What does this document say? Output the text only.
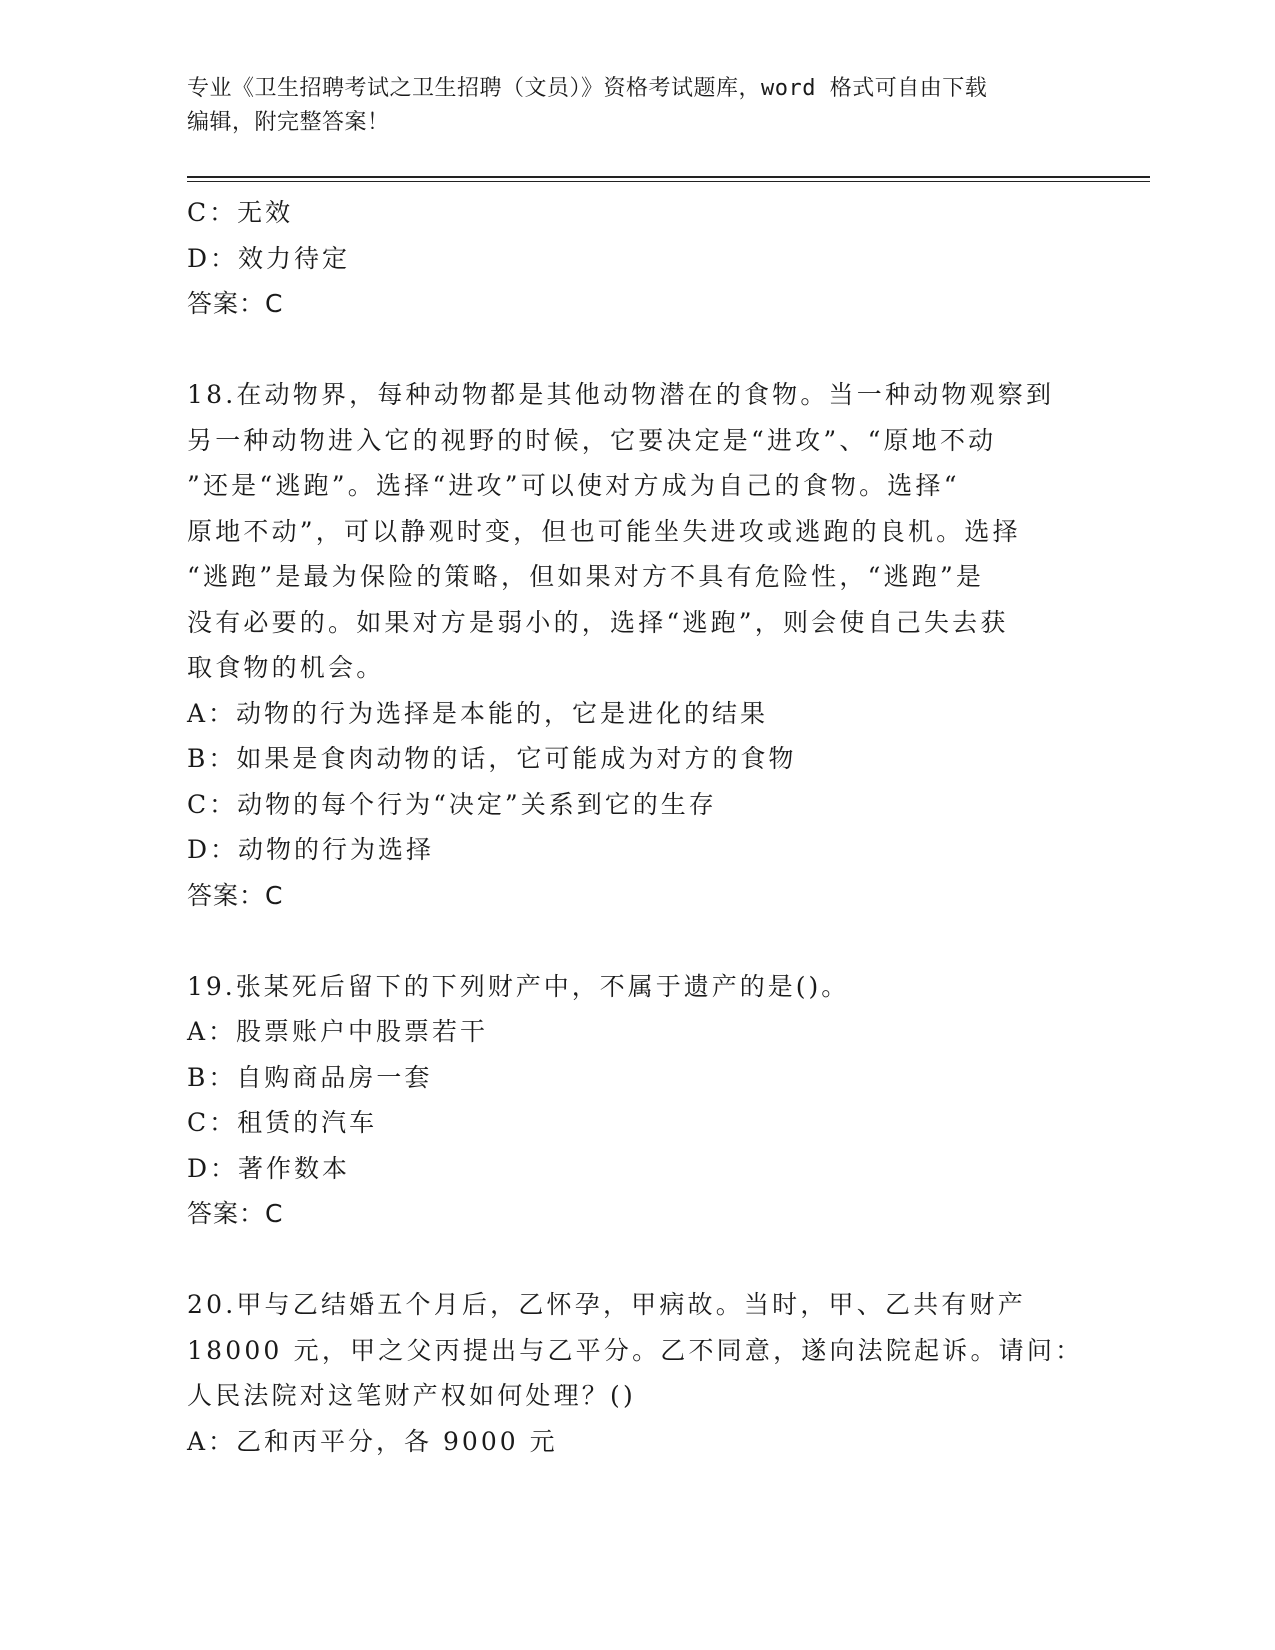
专业《卫生招聘考试之卫生招聘（文员）》资格考试题库，word 格式可自由下载
编辑，附完整答案！
C：无效
D：效力待定
答案：C
18.在动物界，每种动物都是其他动物潜在的食物。当一种动物观察到
另一种动物进入它的视野的时候，它要决定是“进攻”、“原地不动
”还是“逃跑”。选择“进攻”可以使对方成为自己的食物。选择“
原地不动”，可以静观时变，但也可能坐失进攻或逃跑的良机。选择
“逃跑”是最为保险的策略，但如果对方不具有危险性，“逃跑”是
没有必要的。如果对方是弱小的，选择“逃跑”，则会使自己失去获
取食物的机会。
A：动物的行为选择是本能的，它是进化的结果
B：如果是食肉动物的话，它可能成为对方的食物
C：动物的每个行为“决定”关系到它的生存
D：动物的行为选择
答案：C
19.张某死后留下的下列财产中，不属于遗产的是()。
A：股票账户中股票若干
B：自购商品房一套
C：租赁的汽车
D：著作数本
答案：C
20.甲与乙结婚五个月后，乙怀孕，甲病故。当时，甲、乙共有财产
18000 元，甲之父丙提出与乙平分。乙不同意，遂向法院起诉。请问：
人民法院对这笔财产权如何处理？()
A：乙和丙平分，各 9000 元
